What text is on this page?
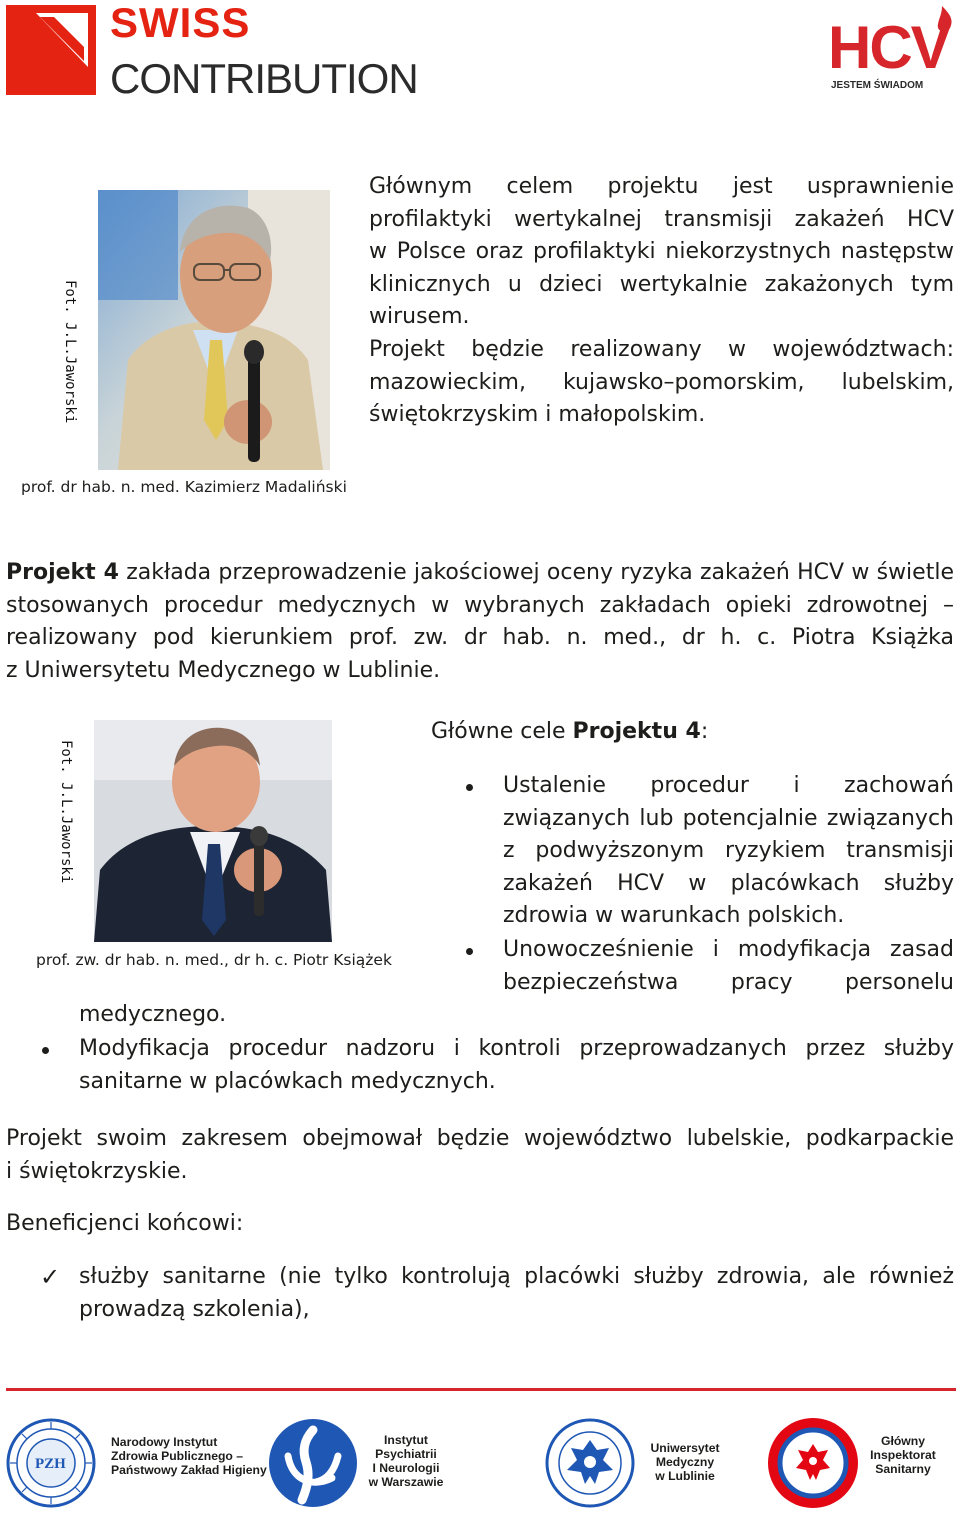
SWISS
CONTRIBUTION	HCV
JESTEM ŚWIADOM
Fot. J.L.Jaworski
prof. dr hab. n. med. Kazimierz Madaliński
Głównym celem projektu jest usprawnienie
profilaktyki wertykalnej transmisji zakażeń HCV
w Polsce oraz profilaktyki niekorzystnych następstw
klinicznych u dzieci wertykalnie zakażonych tym
wirusem.
Projekt będzie realizowany w województwach:
mazowieckim, kujawsko–pomorskim, lubelskim,
świętokrzyskim i małopolskim.
Projekt 4 zakłada przeprowadzenie jakościowej oceny ryzyka zakażeń HCV w świetle
stosowanych procedur medycznych w wybranych zakładach opieki zdrowotnej –
realizowany pod kierunkiem prof. zw. dr hab. n. med., dr h. c. Piotra Książka
z Uniwersytetu Medycznego w Lublinie.
Fot. J.L.Jaworski
prof. zw. dr hab. n. med., dr h. c. Piotr Książek
Główne cele Projektu 4:
Ustalenie procedur i zachowań
związanych lub potencjalnie związanych
z podwyższonym ryzykiem transmisji
zakażeń HCV w placówkach służby
zdrowia w warunkach polskich.
Unowocześnienie i modyfikacja zasad
bezpieczeństwa pracy personelu
medycznego.
Modyfikacja procedur nadzoru i kontroli przeprowadzanych przez służby
sanitarne w placówkach medycznych.
Projekt swoim zakresem obejmował będzie województwo lubelskie, podkarpackie
i świętokrzyskie.
Beneficjenci końcowi:
✓ służby sanitarne (nie tylko kontrolują placówki służby zdrowia, ale również
prowadzą szkolenia),
PZH
Narodowy Instytut
Zdrowia Publicznego –
Państwowy Zakład Higieny
Instytut
Psychiatrii
I Neurologii
w Warszawie
Uniwersytet
Medyczny
w Lublinie
Główny
Inspektorat
Sanitarny
